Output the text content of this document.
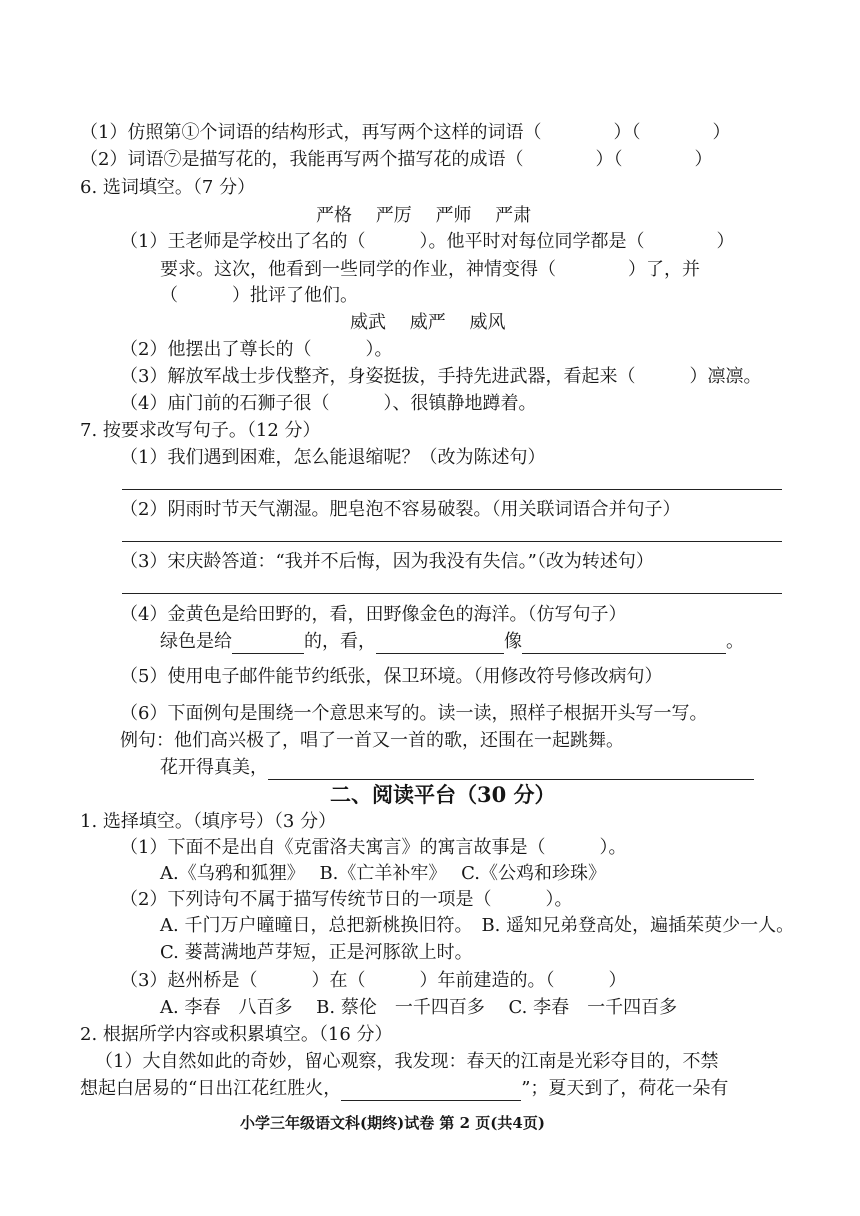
（1）仿照第①个词语的结构形式，再写两个这样的词语（　　　　）（　　　　）
（2）词语⑦是描写花的，我能再写两个描写花的成语（　　　　）（　　　　）
6. 选词填空。（7 分）
严格　 严厉　 严师　 严肃
（1）王老师是学校出了名的（　　　）。他平时对每位同学都是（　　　　）
要求。这次，他看到一些同学的作业，神情变得（　　　　）了，并
（　　　）批评了他们。
威武　 威严　 威风
（2）他摆出了尊长的（　　　）。
（3）解放军战士步伐整齐，身姿挺拔，手持先进武器，看起来（　　　）凛凛。
（4）庙门前的石狮子很（　　　）、很镇静地蹲着。
7. 按要求改写句子。（12 分）
（1）我们遇到困难，怎么能退缩呢？（改为陈述句）
（2）阴雨时节天气潮湿。肥皂泡不容易破裂。（用关联词语合并句子）
（3）宋庆龄答道：“我并不后悔，因为我没有失信。”（改为转述句）
（4）金黄色是给田野的，看，田野像金色的海洋。（仿写句子）
绿色是给	的，看，	像	。
（5）使用电子邮件能节约纸张，保卫环境。（用修改符号修改病句）
（6）下面例句是围绕一个意思来写的。读一读，照样子根据开头写一写。
例句：他们高兴极了，唱了一首又一首的歌，还围在一起跳舞。
花开得真美，
二、阅读平台（30 分）
1. 选择填空。（填序号）（3 分）
（1）下面不是出自《克雷洛夫寓言》的寓言故事是（　　　）。
A.《乌鸦和狐狸》　 B.《亡羊补牢》　 C.《公鸡和珍珠》
（2）下列诗句不属于描写传统节日的一项是（　　　）。
A. 千门万户曈曈日，总把新桃换旧符。　B. 遥知兄弟登高处，遍插茱萸少一人。
C. 蒌蒿满地芦芽短，正是河豚欲上时。
（3）赵州桥是（　　　）在（　　　）年前建造的。（　　　）
A. 李春　八百多　 B. 蔡伦　一千四百多　 C. 李春　一千四百多
2. 根据所学内容或积累填空。（16 分）
（1）大自然如此的奇妙，留心观察，我发现：春天的江南是光彩夺目的，不禁
想起白居易的“日出江花红胜火，	”；夏天到了，荷花一朵有
小学三年级语文科(期终)试卷 第 2 页(共4页)
